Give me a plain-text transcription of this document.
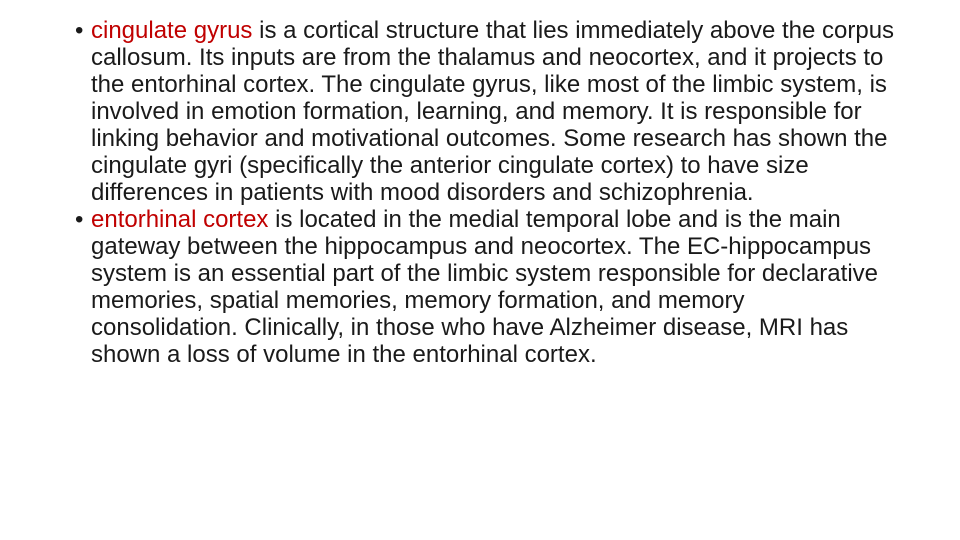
• cingulate gyrus is a cortical structure that lies immediately above the corpus callosum. Its inputs are from the thalamus and neocortex, and it projects to the entorhinal cortex. The cingulate gyrus, like most of the limbic system, is involved in emotion formation, learning, and memory. It is responsible for linking behavior and motivational outcomes. Some research has shown the cingulate gyri (specifically the anterior cingulate cortex) to have size differences in patients with mood disorders and schizophrenia.
• entorhinal cortex is located in the medial temporal lobe and is the main gateway between the hippocampus and neocortex. The EC-hippocampus system is an essential part of the limbic system responsible for declarative memories, spatial memories, memory formation, and memory consolidation. Clinically, in those who have Alzheimer disease, MRI has shown a loss of volume in the entorhinal cortex.
